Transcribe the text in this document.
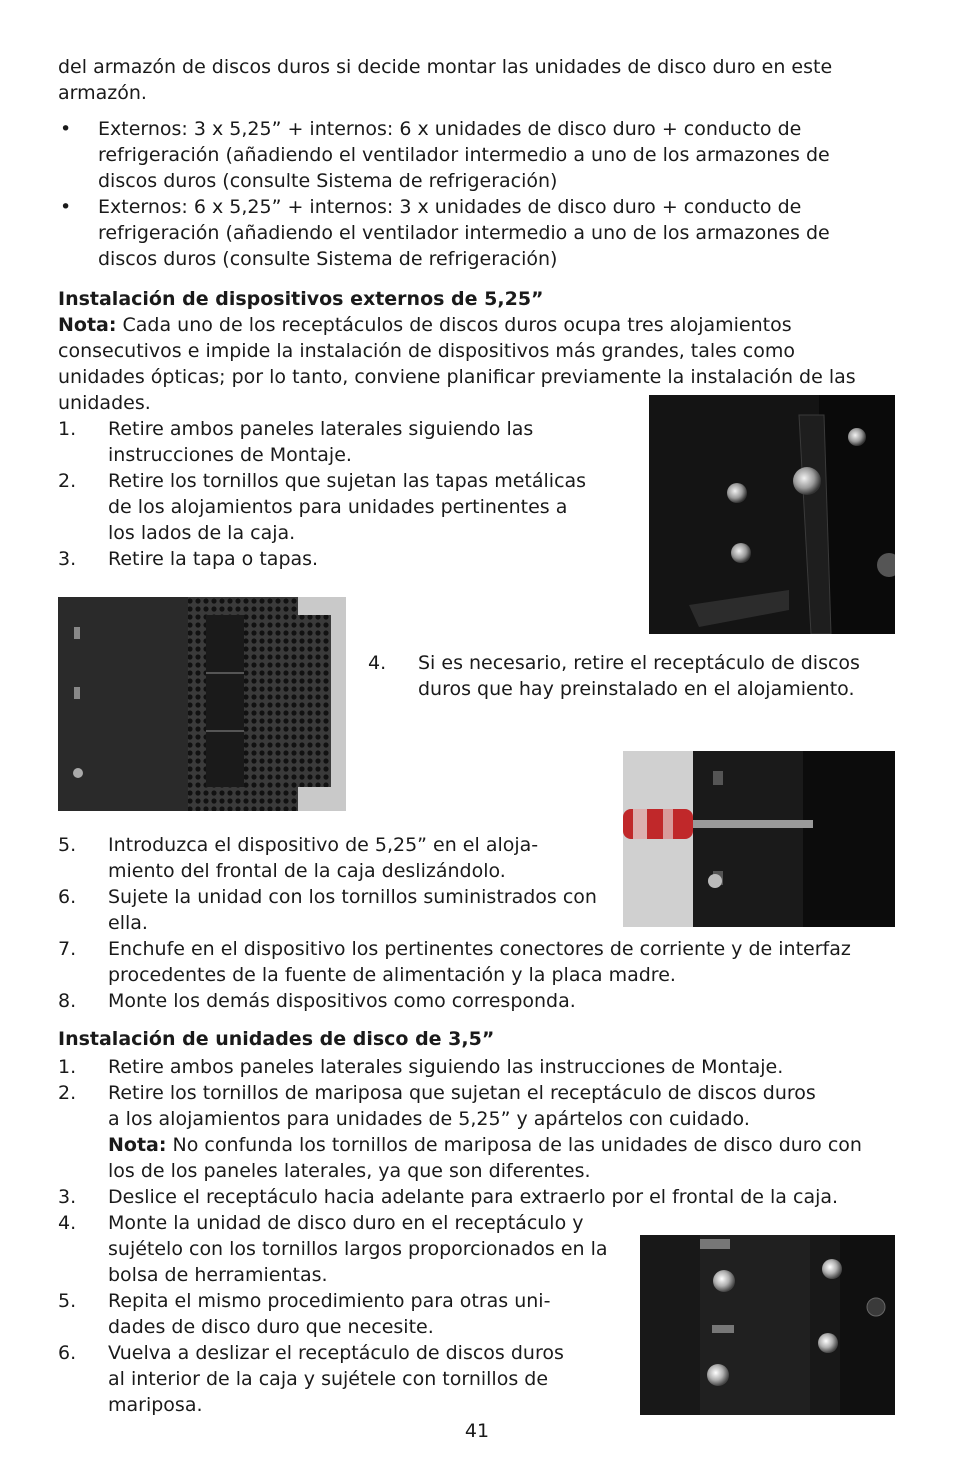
del armazón de discos duros si decide montar las unidades de disco duro en este
armazón.
• Externos: 3 x 5,25” + internos: 6 x unidades de disco duro + conducto de
refrigeración (añadiendo el ventilador intermedio a uno de los armazones de
discos duros (consulte Sistema de refrigeración)
• Externos: 6 x 5,25” + internos: 3 x unidades de disco duro + conducto de
refrigeración (añadiendo el ventilador intermedio a uno de los armazones de
discos duros (consulte Sistema de refrigeración)
Instalación de dispositivos externos de 5,25”
Nota: Cada uno de los receptáculos de discos duros ocupa tres alojamientos
consecutivos e impide la instalación de dispositivos más grandes, tales como
unidades ópticas; por lo tanto, conviene planificar previamente la instalación de las
unidades.
1. Retire ambos paneles laterales siguiendo las
instrucciones de Montaje.
2. Retire los tornillos que sujetan las tapas metálicas
de los alojamientos para unidades pertinentes a
los lados de la caja.
3. Retire la tapa o tapas.
4. Si es necesario, retire el receptáculo de discos
duros que hay preinstalado en el alojamiento.
5. Introduzca el dispositivo de 5,25” en el aloja-
miento del frontal de la caja deslizándolo.
6. Sujete la unidad con los tornillos suministrados con
ella.
7. Enchufe en el dispositivo los pertinentes conectores de corriente y de interfaz
procedentes de la fuente de alimentación y la placa madre.
8. Monte los demás dispositivos como corresponda.
Instalación de unidades de disco de 3,5”
1. Retire ambos paneles laterales siguiendo las instrucciones de Montaje.
2. Retire los tornillos de mariposa que sujetan el receptáculo de discos duros
a los alojamientos para unidades de 5,25” y apártelos con cuidado.
Nota: No confunda los tornillos de mariposa de las unidades de disco duro con
los de los paneles laterales, ya que son diferentes.
3. Deslice el receptáculo hacia adelante para extraerlo por el frontal de la caja.
4. Monte la unidad de disco duro en el receptáculo y
sujételo con los tornillos largos proporcionados en la
bolsa de herramientas.
5. Repita el mismo procedimiento para otras uni-
dades de disco duro que necesite.
6. Vuelva a deslizar el receptáculo de discos duros
al interior de la caja y sujétele con tornillos de
mariposa.
41
